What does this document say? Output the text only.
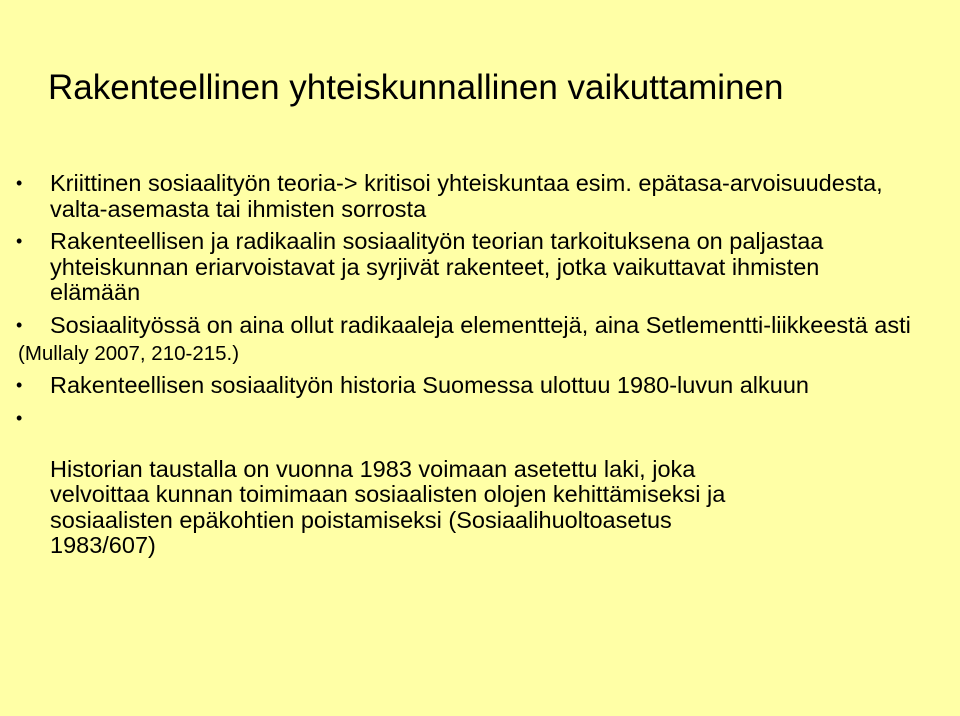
Rakenteellinen yhteiskunnallinen vaikuttaminen
• Kriittinen sosiaalityön teoria-> kritisoi yhteiskuntaa esim. epätasa-arvoisuudesta, valta-asemasta tai ihmisten sorrosta
• Rakenteellisen ja radikaalin sosiaalityön teorian tarkoituksena on paljastaa yhteiskunnan eriarvoistavat ja syrjivät rakenteet, jotka vaikuttavat ihmisten elämään
• Sosiaalityössä on aina ollut radikaaleja elementtejä, aina Setlementti-liikkeestä asti
(Mullaly 2007, 210-215.)
• Rakenteellisen sosiaalityön historia Suomessa ulottuu 1980-luvun alkuun

•

Historian taustalla on vuonna 1983 voimaan asetettu laki, joka
velvoittaa kunnan toimimaan sosiaalisten olojen kehittämiseksi ja
sosiaalisten epäkohtien poistamiseksi (Sosiaalihuoltoasetus
1983/607)
